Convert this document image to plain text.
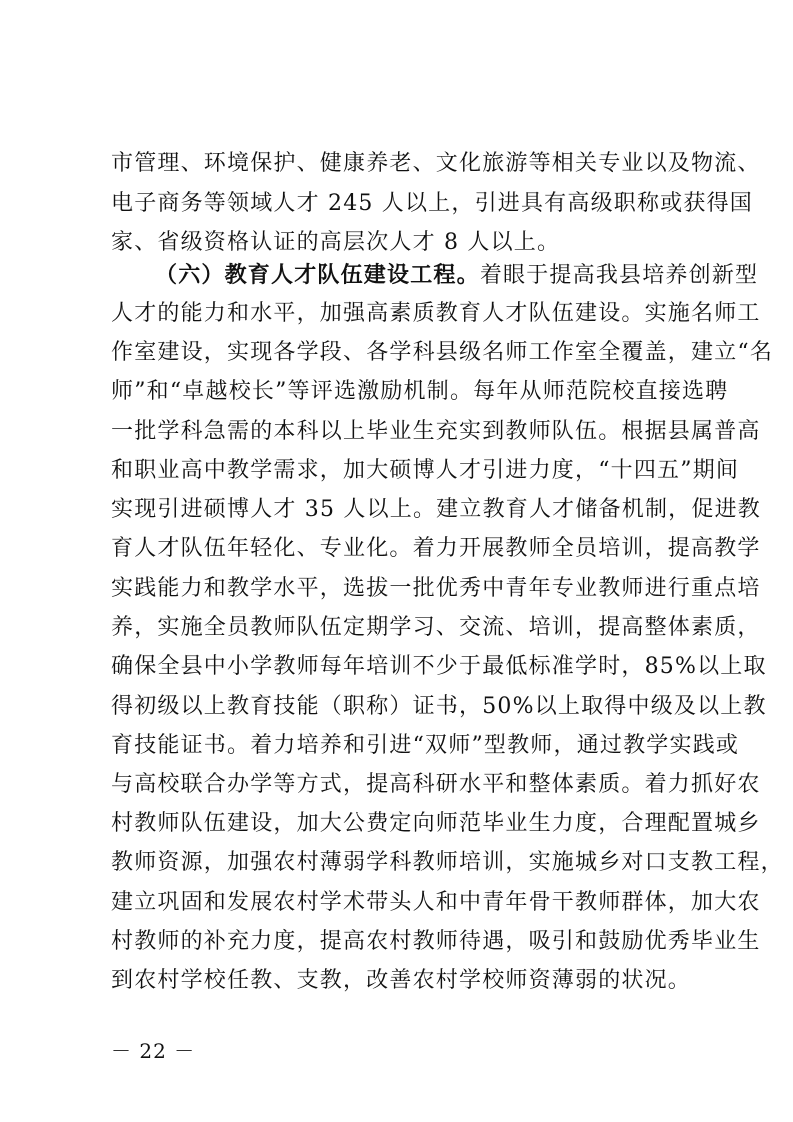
市管理、环境保护、健康养老、文化旅游等相关专业以及物流、
电子商务等领域人才 245 人以上，引进具有高级职称或获得国
家、省级资格认证的高层次人才 8 人以上。
（六）教育人才队伍建设工程。着眼于提高我县培养创新型
人才的能力和水平，加强高素质教育人才队伍建设。实施名师工
作室建设，实现各学段、各学科县级名师工作室全覆盖，建立“名
师”和“卓越校长”等评选激励机制。每年从师范院校直接选聘
一批学科急需的本科以上毕业生充实到教师队伍。根据县属普高
和职业高中教学需求，加大硕博人才引进力度，“十四五”期间
实现引进硕博人才 35 人以上。建立教育人才储备机制，促进教
育人才队伍年轻化、专业化。着力开展教师全员培训，提高教学
实践能力和教学水平，选拔一批优秀中青年专业教师进行重点培
养，实施全员教师队伍定期学习、交流、培训，提高整体素质，
确保全县中小学教师每年培训不少于最低标准学时，85%以上取
得初级以上教育技能（职称）证书，50%以上取得中级及以上教
育技能证书。着力培养和引进“双师”型教师，通过教学实践或
与高校联合办学等方式，提高科研水平和整体素质。着力抓好农
村教师队伍建设，加大公费定向师范毕业生力度，合理配置城乡
教师资源，加强农村薄弱学科教师培训，实施城乡对口支教工程，
建立巩固和发展农村学术带头人和中青年骨干教师群体，加大农
村教师的补充力度，提高农村教师待遇，吸引和鼓励优秀毕业生
到农村学校任教、支教，改善农村学校师资薄弱的状况。
－ 22 －
